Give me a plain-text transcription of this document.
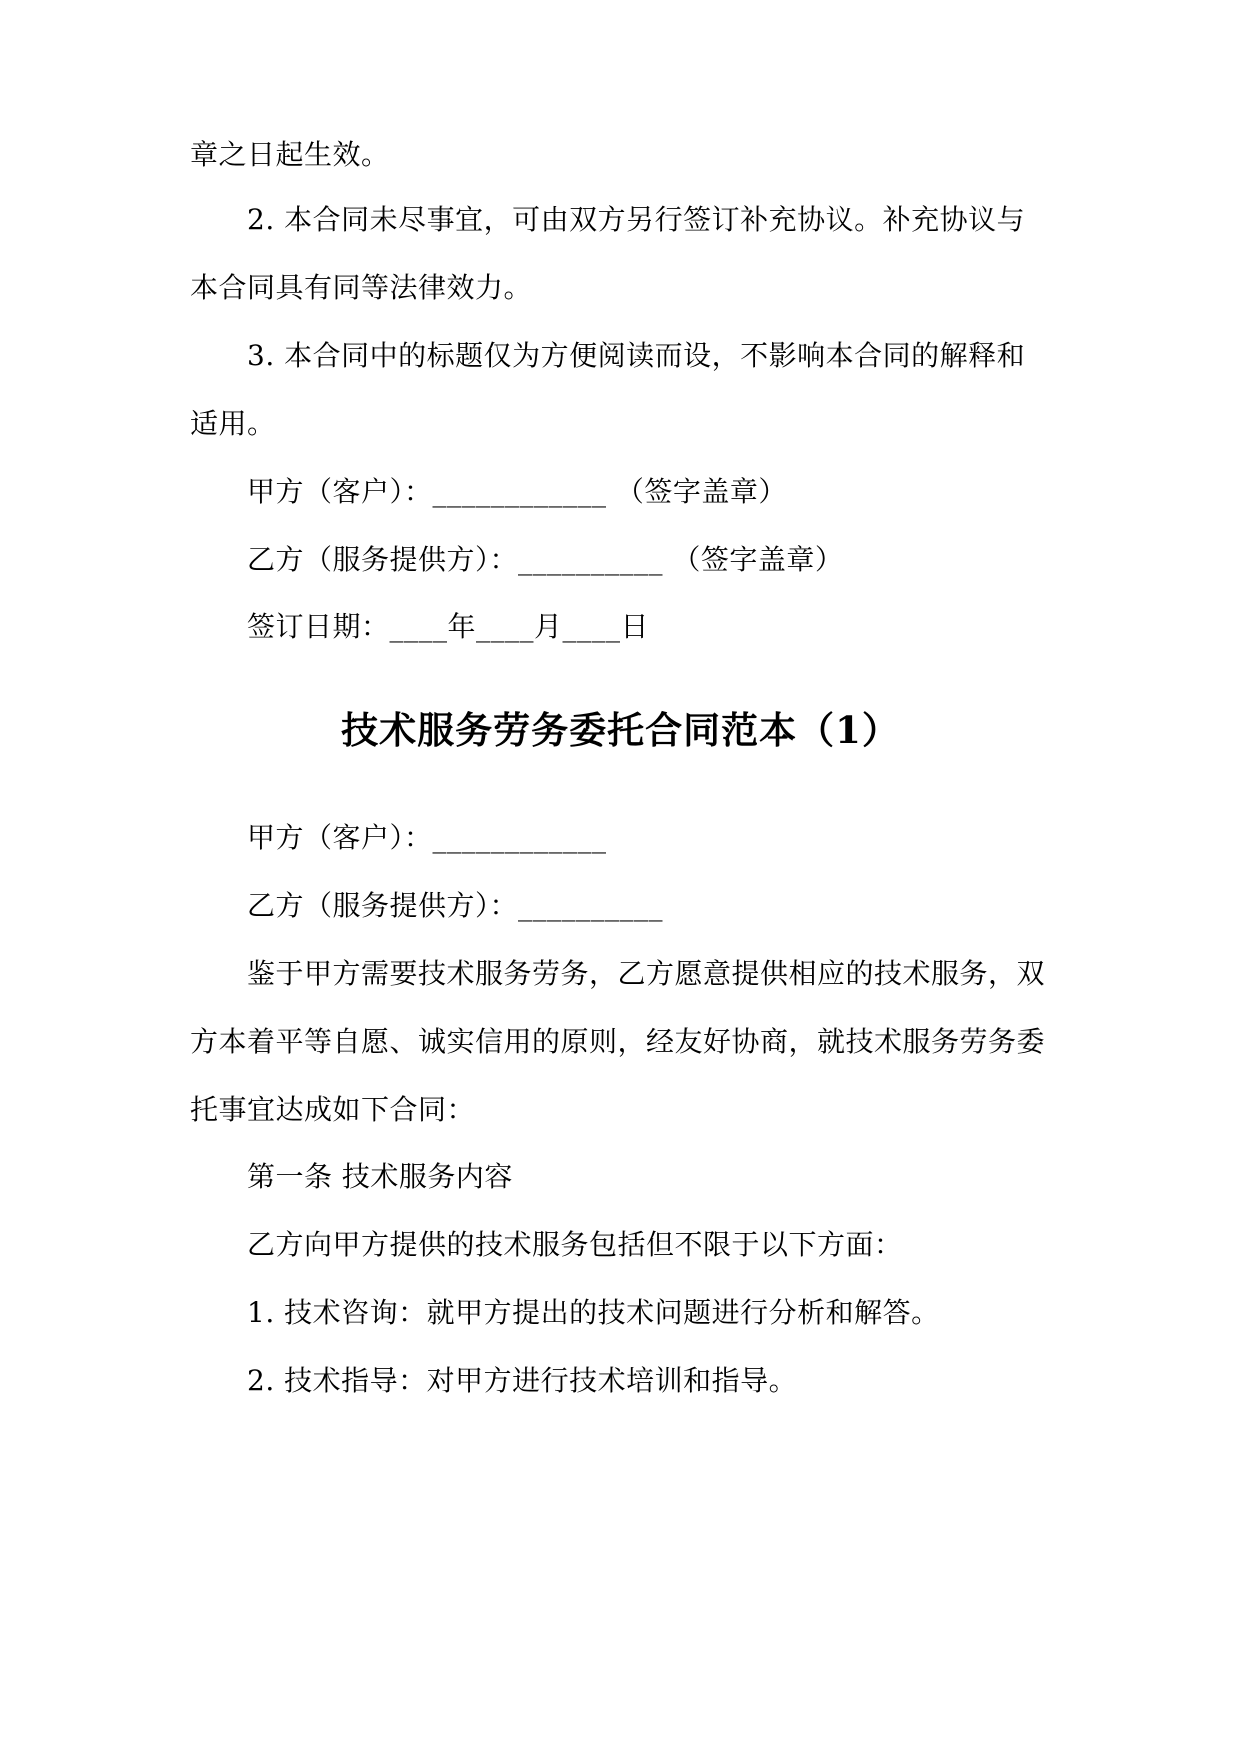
章之日起生效。
2. 本合同未尽事宜，可由双方另行签订补充协议。补充协议与
本合同具有同等法律效力。
3. 本合同中的标题仅为方便阅读而设，不影响本合同的解释和
适用。
甲方（客户）：____________ （签字盖章）
乙方（服务提供方）：__________ （签字盖章）
签订日期：____年____月____日
技术服务劳务委托合同范本（1）
甲方（客户）：____________
乙方（服务提供方）：__________
鉴于甲方需要技术服务劳务，乙方愿意提供相应的技术服务，双
方本着平等自愿、诚实信用的原则，经友好协商，就技术服务劳务委
托事宜达成如下合同：
第一条 技术服务内容
乙方向甲方提供的技术服务包括但不限于以下方面：
1. 技术咨询：就甲方提出的技术问题进行分析和解答。
2. 技术指导：对甲方进行技术培训和指导。
